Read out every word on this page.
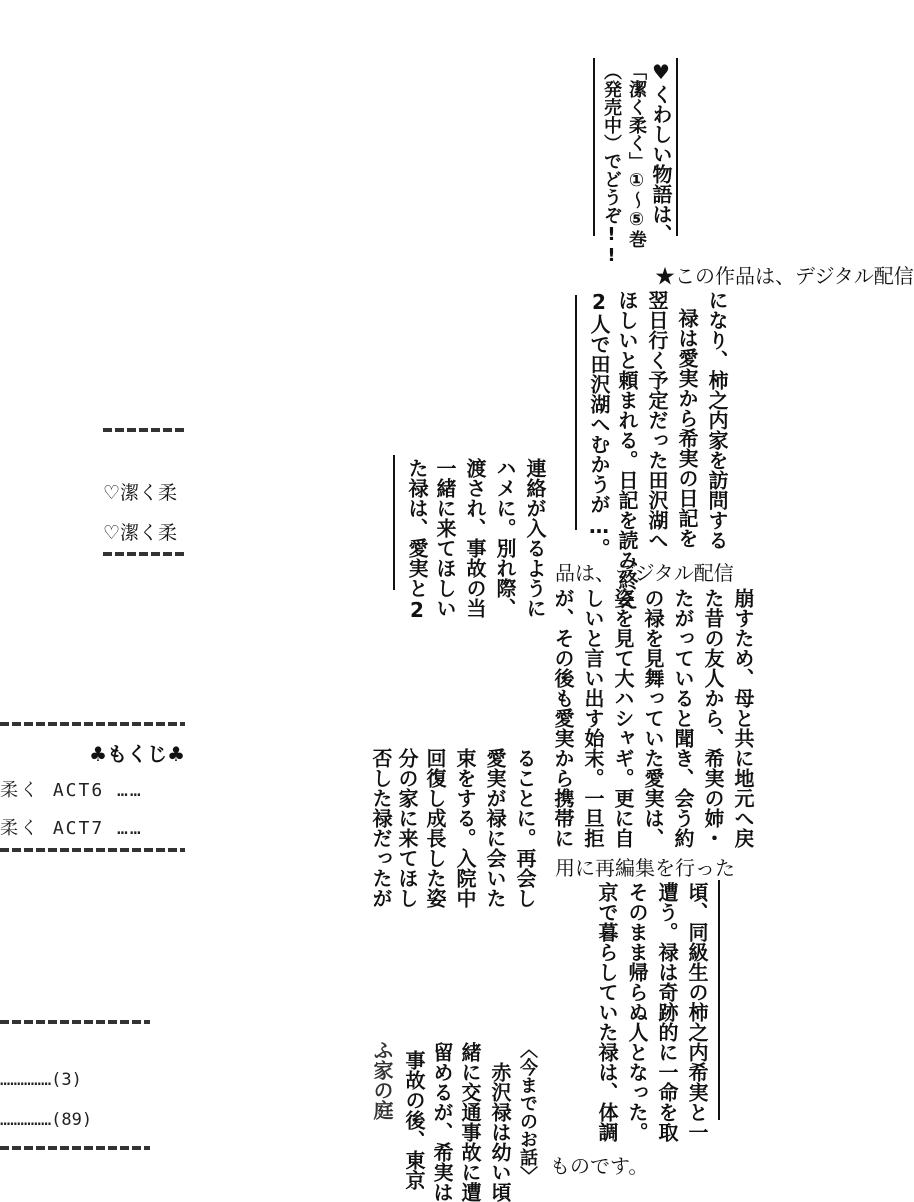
♥くわしい物語は、
「潔く柔く」①〜⑤巻
（発売中）でどうぞ!!
★この作品は、デジタル配信
品は、デジタル配信
用に再編集を行った
ものです。
になり、柿之内家を訪問する
禄は愛実から希実の日記を
翌日行く予定だった田沢湖へ
ほしいと頼まれる。日記を読み終え
2人で田沢湖へむかうが…。
連絡が入るように
ハメに。別れ際、
渡され、事故の当
一緒に来てほしい
た禄は、愛実と2
崩すため、母と共に地元へ戻
た昔の友人から、希実の姉・
たがっていると聞き、会う約
の禄を見舞っていた愛実は、
姿を見て大ハシャギ。更に自
しいと言い出す始末。一旦拒
が、その後も愛実から携帯に
ることに。再会し
愛実が禄に会いた
束をする。入院中
回復し成長した姿
分の家に来てほし
否した禄だったが
頃、同級生の柿之内希実と一
遭う。禄は奇跡的に一命を取
そのまま帰らぬ人となった。
京で暮らしていた禄は、体調
〈今までのお話〉
赤沢禄は幼い頃
緒に交通事故に遭
留めるが、希実は
事故の後、東京
ふ家の庭
♡潔く柔
♡潔く柔
♣もくじ♣
柔く ACT6 ……
柔く ACT7 ……
……………(3)
……………(89)
